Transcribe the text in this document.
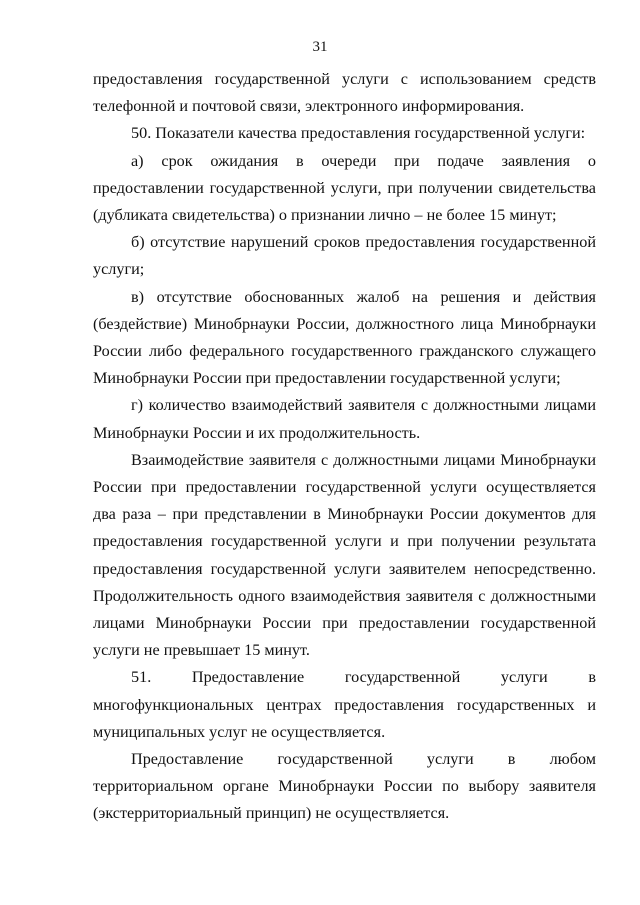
31

предоставления государственной услуги с использованием средств телефонной и почтовой связи, электронного информирования.

50. Показатели качества предоставления государственной услуги:

а) срок ожидания в очереди при подаче заявления о предоставлении государственной услуги, при получении свидетельства (дубликата свидетельства) о признании лично – не более 15 минут;

б) отсутствие нарушений сроков предоставления государственной услуги;

в) отсутствие обоснованных жалоб на решения и действия (бездействие) Минобрнауки России, должностного лица Минобрнауки России либо федерального государственного гражданского служащего Минобрнауки России при предоставлении государственной услуги;

г) количество взаимодействий заявителя с должностными лицами Минобрнауки России и их продолжительность.

Взаимодействие заявителя с должностными лицами Минобрнауки России при предоставлении государственной услуги осуществляется два раза – при представлении в Минобрнауки России документов для предоставления государственной услуги и при получении результата предоставления государственной услуги заявителем непосредственно. Продолжительность одного взаимодействия заявителя с должностными лицами Минобрнауки России при предоставлении государственной услуги не превышает 15 минут.

51. Предоставление государственной услуги в многофункциональных центрах предоставления государственных и муниципальных услуг не осуществляется.

Предоставление государственной услуги в любом территориальном органе Минобрнауки России по выбору заявителя (экстерриториальный принцип) не осуществляется.
